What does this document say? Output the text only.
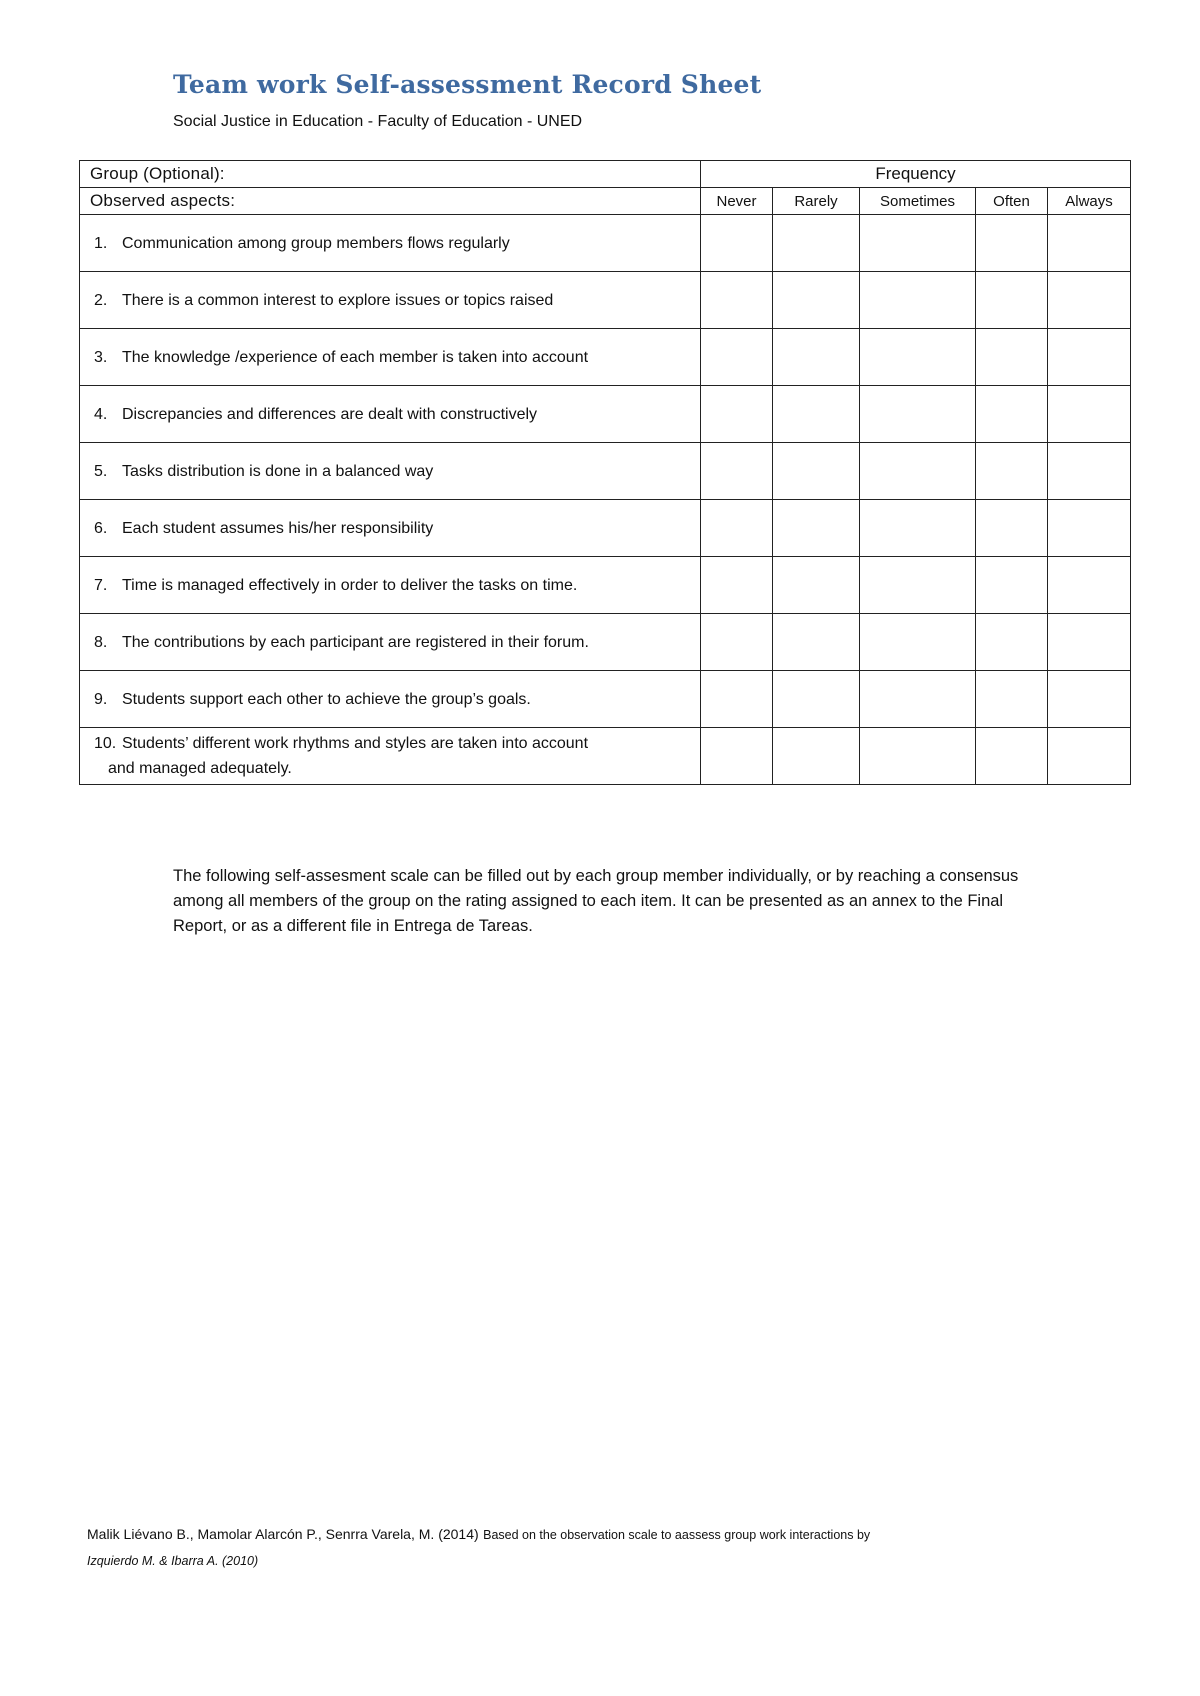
Team work Self-assessment Record Sheet
Social Justice in Education - Faculty of Education - UNED
Group (Optional):	Frequency				
Observed aspects:	Never	Rarely	Sometimes	Often	Always
1. Communication among group members flows regularly					
2. There is a common interest to explore issues or topics raised					
3. The knowledge /experience of each member is taken into account					
4. Discrepancies and differences are dealt with constructively					
5. Tasks distribution is done in a balanced way					
6. Each student assumes his/her responsibility					
7. Time is managed effectively in order to deliver the tasks on time.					
8. The contributions by each participant are registered in their forum.					
9. Students support each other to achieve the group’s goals.					
10. Students’ different work rhythms and styles are taken into account
and managed adequately.					

The following self-assesment scale can be filled out by each group member individually, or by reaching a consensus among all members of the group on the rating assigned to each item. It can be presented as an annex to the Final Report, or as a different file in Entrega de Tareas.
Malik Liévano B., Mamolar Alarcón P., Senrra Varela, M. (2014) Based on the observation scale to aassess group work interactions by
Izquierdo M. & Ibarra A. (2010)
